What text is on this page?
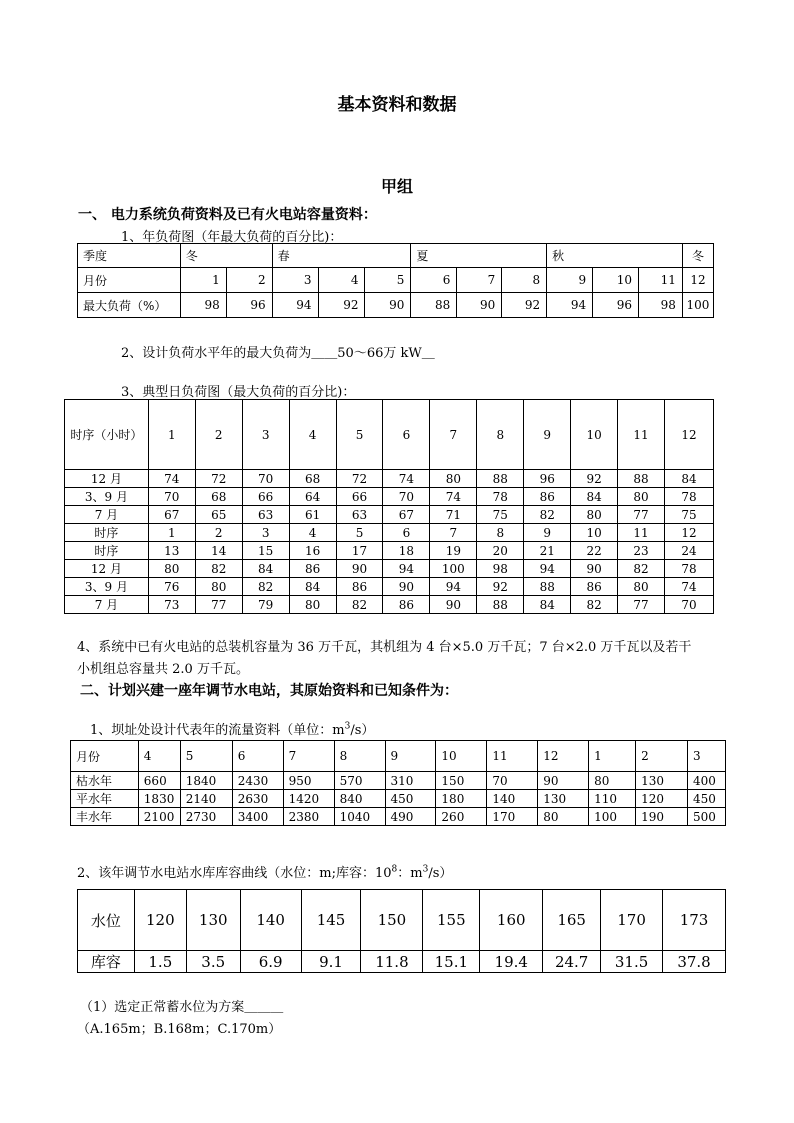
基本资料和数据
甲组
一、 电力系统负荷资料及已有火电站容量资料：
1、年负荷图（年最大负荷的百分比)：
季度	冬		春			夏			秋			冬
月份	1	2	3	4	5	6	7	8	9	10	11	12
最大负荷（%）	98	96	94	92	90	88	90	92	94	96	98	100
2、设计负荷水平年的最大负荷为＿＿50～66万 kW＿
3、典型日负荷图（最大负荷的百分比)：
时序（小时）	1	2	3	4	5	6	7	8	9	10	11	12
12 月	74	72	70	68	72	74	80	88	96	92	88	84
3、9 月	70	68	66	64	66	70	74	78	86	84	80	78
7 月	67	65	63	61	63	67	71	75	82	80	77	75
时序	1	2	3	4	5	6	7	8	9	10	11	12
时序	13	14	15	16	17	18	19	20	21	22	23	24
12 月	80	82	84	86	90	94	100	98	94	90	82	78
3、9 月	76	80	82	84	86	90	94	92	88	86	80	74
7 月	73	77	79	80	82	86	90	88	84	82	77	70
4、系统中已有火电站的总装机容量为 36 万千瓦，其机组为 4 台×5.0 万千瓦；7 台×2.0 万千瓦以及若干
小机组总容量共 2.0 万千瓦。
二、计划兴建一座年调节水电站，其原始资料和已知条件为：
1、坝址处设计代表年的流量资料（单位：$m^3/s$）
月份	4	5	6	7	8	9	10	11	12	1	2	3
枯水年	660	1840	2430	950	570	310	150	70	90	80	130	400
平水年	1830	2140	2630	1420	840	450	180	140	130	110	120	450
丰水年	2100	2730	3400	2380	1040	490	260	170	80	100	190	500
2、该年调节水电站水库库容曲线（水位：m;库容：$10^8$：$m^3/s$）
水位	120	130	140	145	150	155	160	165	170	173
库容	1.5	3.5	6.9	9.1	11.8	15.1	19.4	24.7	31.5	37.8
（1）选定正常蓄水位为方案＿＿＿
（A.165m；B.168m；C.170m）
